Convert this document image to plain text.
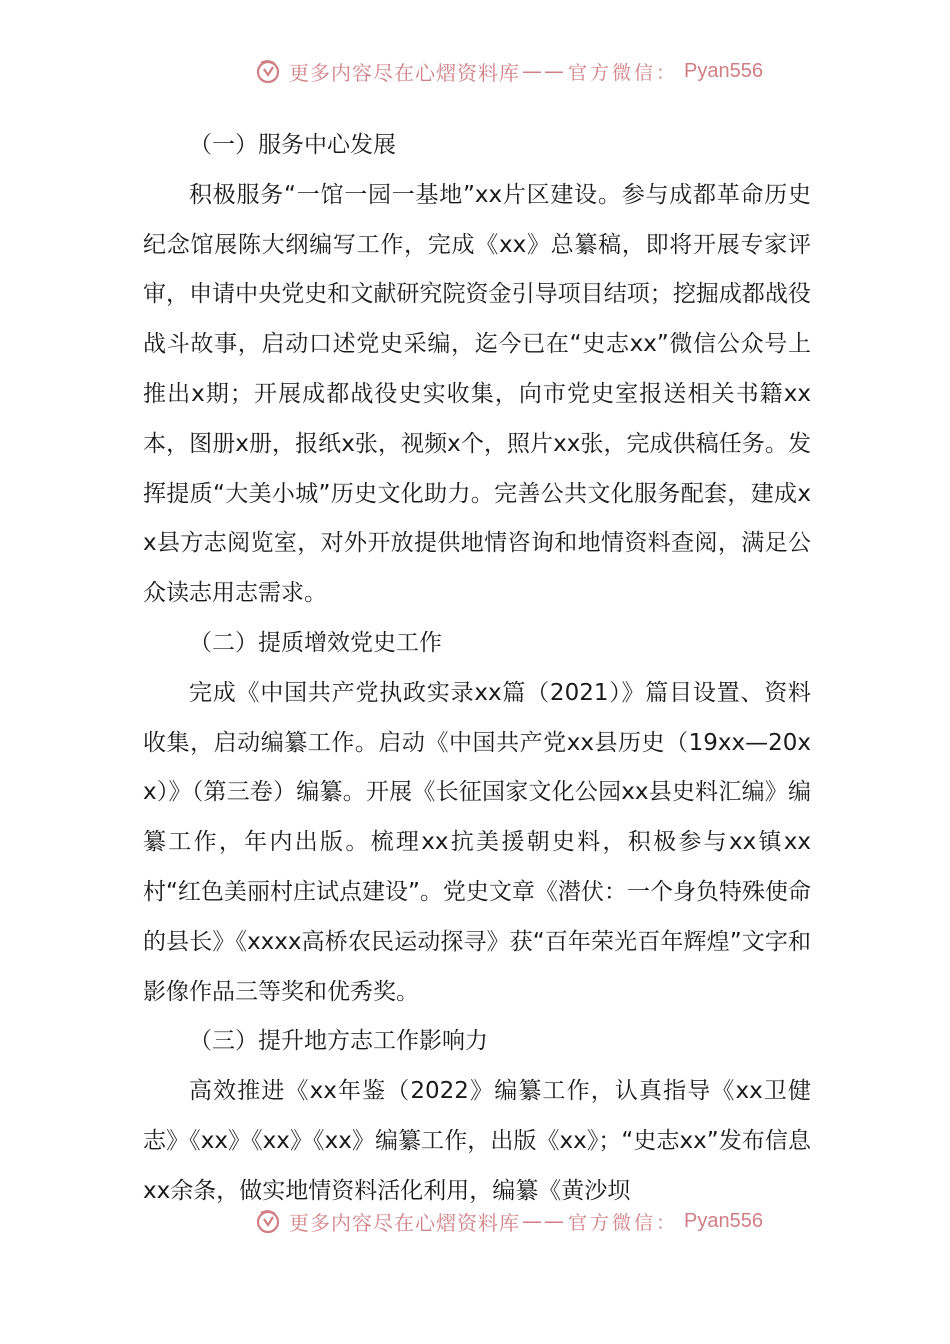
更多内容尽在心熠资料库 —— 官方微信： Pyan556

（一）服务中心发展

积极服务“一馆一园一基地”xx片区建设。参与成都革命历史纪念馆展陈大纲编写工作，完成《xx》总纂稿，即将开展专家评审，申请中央党史和文献研究院资金引导项目结项；挖掘成都战役战斗故事，启动口述党史采编，迄今已在“史志xx”微信公众号上推出x期；开展成都战役史实收集，向市党史室报送相关书籍xx本，图册x册，报纸x张，视频x个，照片xx张，完成供稿任务。发挥提质“大美小城”历史文化助力。完善公共文化服务配套，建成xx县方志阅览室，对外开放提供地情咨询和地情资料查阅，满足公众读志用志需求。

（二）提质增效党史工作

完成《中国共产党执政实录xx篇（2021）》篇目设置、资料收集，启动编纂工作。启动《中国共产党xx县历史（19xx—20xx）》（第三卷）编纂。开展《长征国家文化公园xx县史料汇编》编纂工作，年内出版。梳理xx抗美援朝史料，积极参与xx镇xx村“红色美丽村庄试点建设”。党史文章《潜伏：一个身负特殊使命的县长》《xxxx高桥农民运动探寻》获“百年荣光百年辉煌”文字和影像作品三等奖和优秀奖。

（三）提升地方志工作影响力

高效推进《xx年鉴（2022》编纂工作，认真指导《xx卫健志》《xx》《xx》《xx》编纂工作，出版《xx》；“史志xx”发布信息xx余条，做实地情资料活化利用，编纂《黄沙坝

更多内容尽在心熠资料库 —— 官方微信： Pyan556
